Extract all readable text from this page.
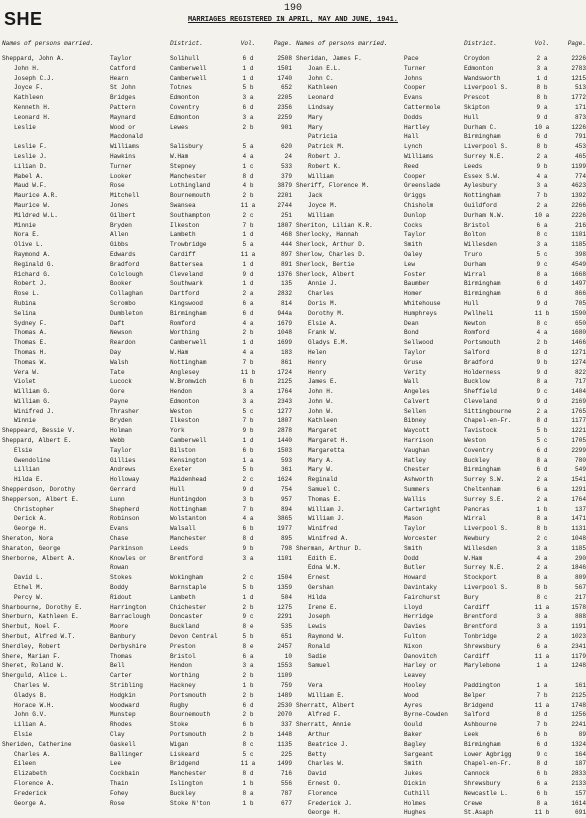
190
SHE	MARRIAGES REGISTERED IN APRIL, MAY AND JUNE, 1941.
Names of persons married.	District.	Vol.	Page.
Sheppard, John A.	Taylor	Solihull	6 d	2508
John H.	Catford	Camberwell	1 d	1501
Joseph C.J.	Hearn	Camberwell	1 d	1740
Joyce F.	St John	Totnes	5 b	652
Kathleen	Bridges	Edmonton	3 a	2205
Kenneth H.	Pattern	Coventry	6 d	2356
Leonard H.	Maynard	Edmonton	3 a	2259
Leslie	Wood or	Lewes	2 b	901
Macdonald
Leslie F.	Williams	Salisbury	5 a	620
Leslie J.	Hawkins	W.Ham	4 a	24
Lilian D.	Turner	Stepney	1 c	533
Mabel A.	Looker	Manchester	8 d	379
Maud W.F.	Rose	Lothingland	4 b	3879
Maurice A.R.	Mitchell	Bournemouth	2 b	2201
Maurice W.	Jones	Swansea	11 a	2744
Mildred W.L.	Gilbert	Southampton	2 c	251
Minnie	Bryden	Ilkeston	7 b	1807
Nora E.	Allen	Lambeth	1 d	468
Olive L.	Gibbs	Trowbridge	5 a	444
Raymond A.	Edwards	Cardiff	11 a	897
Reginald G.	Bradford	Battersea	1 d	891
Richard G.	Colclough	Cleveland	9 d	1376
Robert J.	Booker	Southwark	1 d	135
Rose L.	Collaghan	Dartford	2 a	2832
Rubina	Scrombo	Kingswood	6 a	814
Selina	Dumbleton	Birmingham	6 d	944a
Sydney F.	Daft	Romford	4 a	1679
Thomas A.	Newson	Worthing	2 b	1048
Thomas E.	Reardon	Camberwell	1 d	1699
Thomas H.	Day	W.Ham	4 a	183
Thomas W.	Walsh	Nottingham	7 b	861
Vera W.	Tate	Anglesey	11 b	1724
Violet	Lucock	W.Bromwich	6 b	2125
William G.	Gore	Hendon	3 a	1764
William G.	Payne	Edmonton	3 a	2343
Winifred J.	Thrasher	Weston	5 c	1277
Winnie	Bryden	Ilkeston	7 b	1807
Sheppeard, Bessie V.	Holman	York	9 b	2878
Sheppard, Albert E.	Webb	Camberwell	1 d	1440
Elsie	Taylor	Bilston	6 b	1503
Gwendoline	Gillies	Kensington	1 a	593
Lillian	Andrews	Exeter	5 b	361
Hilda E.	Holloway	Maidenhead	2 c	1624
Shepperdson, Dorothy	Gerrard	Hull	9 d	754
Shepperson, Albert E.	Lunn	Huntingdon	3 b	957
Christopher	Shepherd	Nottingham	7 b	894
Derick A.	Robinson	Wolstanton	4 a	3865
George H.	Evans	Walsall	6 b	1977
Sheraton, Nora	Chase	Manchester	8 d	895
Sharaton, George	Parkinson	Leeds	9 b	798
Sherborne, Albert A.	Knowles or	Brentford	3 a	1101
Rowan
David L.	Stokes	Wokingham	2 c	1504
Ethel M.	Boddy	Barnstaple	5 b	1359
Percy W.	Ridout	Lambeth	1 d	504
Sharbourne, Dorothy E.	Harrington	Chichester	2 b	1275
Sherburn, Kathleen E.	Barraclough	Doncaster	9 c	2291
Sherbut, Noel F.	Moore	Buckland	8 e	535
Sherbut, Alfred W.T.	Banbury	Devon Central	5 b	651
Sherdley, Robert	Derbyshire	Preston	8 e	2457
Shere, Marian F.	Thomas	Bristol	6 a	10
Sheret, Roland W.	Bell	Hendon	3 a	1553
Sherguld, Alice L.	Carter	Worthing	2 b	1109
Charles W.	Stribling	Hackney	1 b	759
Gladys B.	Hodgkin	Portsmouth	2 b	1489
Horace W.H.	Woodward	Rugby	6 d	2530
John G.V.	Munstep	Bournemouth	2 b	2070
Lilian A.	Rhodes	Stoke	6 b	337
Elsie	Clay	Portsmouth	2 b	1448
Sheriden, Catherine	Gaskell	Wigan	8 c	1135
Charles A.	Ballinger	Liskeard	5 c	225
Eileen	Lee	Bridgend	11 a	1499
Elizabeth	Cockbain	Manchester	8 d	716
Florence A.	Thain	Islington	1 b	556
Frederick	Fohey	Buckley	8 a	787
George A.	Rose	Stoke N'ton	1 b	677
Names of persons married.	District.	Vol.	Page.
Sheridan, James F.	Pace	Croydon	2 a	2226
Joan E.L.	Turner	Edmonton	3 a	2783
John C.	Johns	Wandsworth	1 d	1215
Kathleen	Cooper	Liverpool S.	8 b	513
Leonard	Evans	Prescot	8 b	1772
Lindsay	Cattermole	Skipton	9 a	171
Mary	Dodds	Hull	9 d	873
Mary	Hartley	Durham C.	10 a	1226
Patricia	Hall	Birmingham	6 d	791
Patrick M.	Lynch	Liverpool S.	8 b	453
Robert J.	Williams	Surrey N.E.	2 a	465
Robert K.	Reed	Leeds	9 b	1199
William	Cooper	Essex S.W.	4 a	774
Sheriff, Florence M.	Greenslade	Aylesbury	3 a	4623
Jack	Griggs	Nottingham	7 b	1392
Joyce M.	Chisholm	Guildford	2 a	2266
William	Dunlop	Durham N.W.	10 a	2226
Sheriton, Lilian K.R.	Cocks	Bristol	6 a	216
Sherlocky, Hannah	Taylor	Bolton	8 c	1101
Sherlock, Arthur D.	Smith	Willesden	3 a	1185
Sherlow, Charles D.	Oaley	Truro	5 c	398
Sherlock, Bertie	Lew	Durham	9 c	4549
Sherlock, Albert	Foster	Wirral	8 a	1668
Annie J.	Baumber	Birmingham	6 d	1497
Charles	Homer	Birmingham	6 d	866
Doris M.	Whitehouse	Hull	9 d	705
Dorothy M.	Humphreys	Pwllheli	11 b	1590
Elsie A.	Dean	Newton	8 c	650
Frank W.	Bond	Romford	4 a	1680
Gladys E.M.	Sellwood	Portsmouth	2 b	1466
Helen	Taylor	Salford	8 d	1271
Henry	Gruse	Bradford	9 b	1274
Henry	Verity	Holderness	9 d	822
James E.	Wall	Bucklow	8 a	717
John H.	Angeles	Sheffield	9 c	1404
John W.	Calvert	Cleveland	9 d	2169
John W.	Sellen	Sittingbourne	2 a	1765
Kathleen	Bibney	Chapel-en-Fr.	8 d	1177
Margaret	Waycott	Tavistock	5 b	1221
Margaret H.	Harrison	Weston	5 c	1705
Margaretta	Vaughan	Coventry	6 d	2299
Mary A.	Hatley	Buckley	8 a	780
Mary W.	Chester	Birmingham	6 d	549
Reginald	Ashworth	Surrey S.W.	2 a	1541
Samuel C.	Summers	Cheltenham	6 a	1291
Thomas E.	Wallis	Surrey S.E.	2 a	1764
William J.	Cartwright	Pancras	1 b	137
William J.	Mason	Wirral	8 a	1471
Winifred	Taylor	Liverpool S.	8 b	1131
Winifred A.	Worcester	Newbury	2 c	1048
Sherman, Arthur D.	Smith	Willesden	3 a	1185
Edith E.	Dodd	W.Ham	4 a	290
Edna W.M.	Butler	Surrey N.E.	2 a	1846
Ernest	Howard	Stockport	8 a	809
Gershan	Davintaky	Liverpool S.	8 b	567
Hilda	Fairchurst	Bury	8 c	217
Irene E.	Lloyd	Cardiff	11 a	1578
Joseph	Herridge	Brentford	3 a	888
Lewis	Davies	Brentford	3 a	1191
Raymond W.	Fulton	Tonbridge	2 a	1023
Ronald	Nixon	Shrewsbury	6 a	2341
Sadie	Danovitch	Cardiff	11 a	1179
Samuel	Harley or	Marylebone	1 a	1248
Leavey
Vera	Hooley	Paddington	1 a	161
William E.	Wood	Belper	7 b	2125
Sherratt, Albert	Ayres	Bridgend	11 a	1748
Alfred F.	Byrne-Cowden	Salford	8 d	1256
Sherratt, Annie	Gould	Ashbourne	7 b	2241
Arthur	Baker	Leek	6 b	89
Beatrice J.	Bagley	Birmingham	6 d	1324
Betty	Sargeant	Lower Agbrigg	9 c	164
Charles W.	Smith	Chapel-en-Fr.	8 d	187
David	Jukes	Cannock	6 b	2833
Ernest O.	Dickin	Shrewsbury	6 a	2133
Florence	Cuthill	Newcastle L.	6 b	157
Frederick J.	Holmes	Crewe	8 a	1614
George H.	Hughes	St.Asaph	11 b	691
